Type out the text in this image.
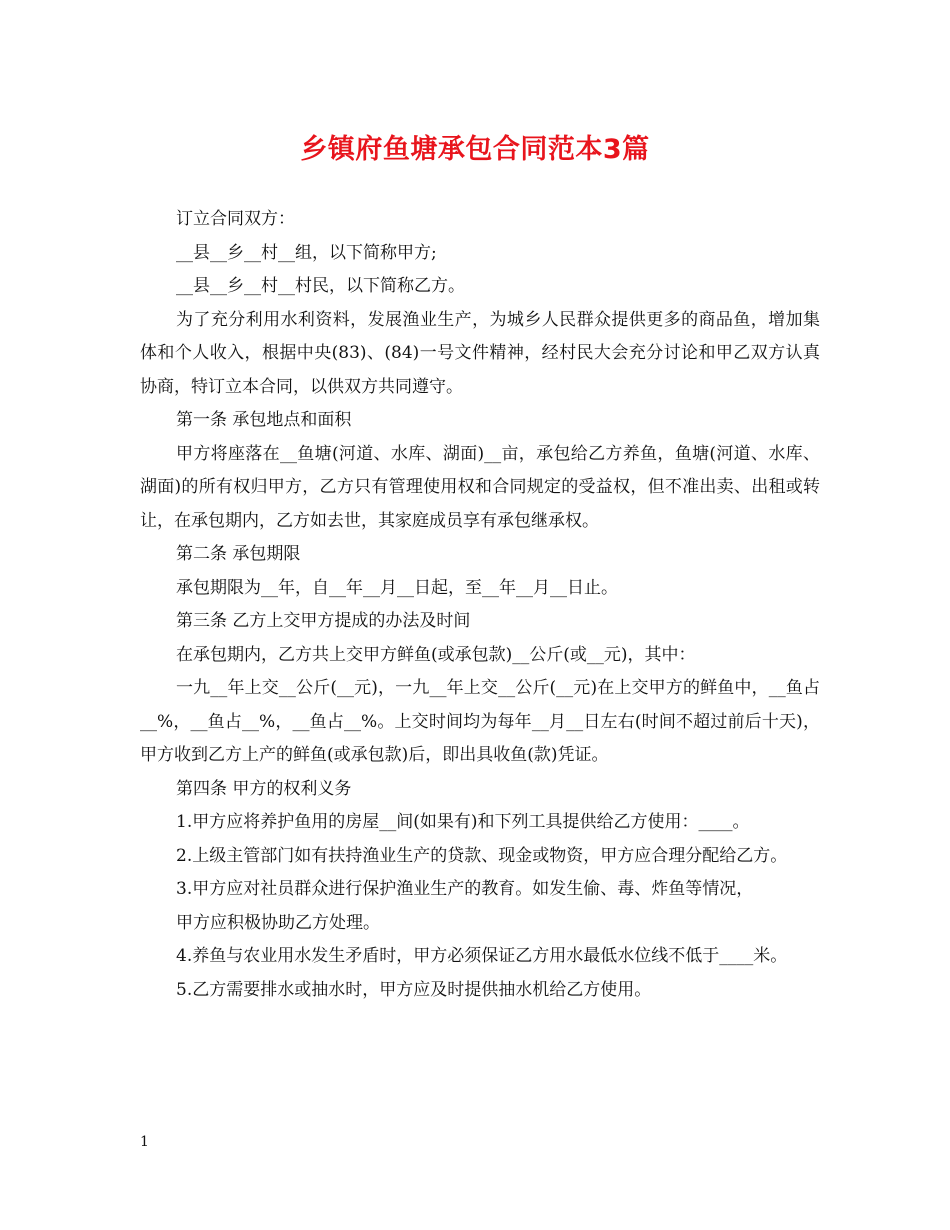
乡镇府鱼塘承包合同范本3篇

订立合同双方：

__县__乡__村__组，以下简称甲方;

__县__乡__村__村民，以下简称乙方。

为了充分利用水利资料，发展渔业生产，为城乡人民群众提供更多的商品鱼，增加集体和个人收入，根据中央(83)、(84)一号文件精神，经村民大会充分讨论和甲乙双方认真协商，特订立本合同，以供双方共同遵守。

第一条 承包地点和面积

甲方将座落在__鱼塘(河道、水库、湖面)__亩，承包给乙方养鱼，鱼塘(河道、水库、湖面)的所有权归甲方，乙方只有管理使用权和合同规定的受益权，但不准出卖、出租或转让，在承包期内，乙方如去世，其家庭成员享有承包继承权。

第二条 承包期限

承包期限为__年，自__年__月__日起，至__年__月__日止。

第三条 乙方上交甲方提成的办法及时间

在承包期内，乙方共上交甲方鲜鱼(或承包款)__公斤(或__元)，其中：

一九__年上交__公斤(__元)，一九__年上交__公斤(__元)在上交甲方的鲜鱼中，__鱼占__%，__鱼占__%，__鱼占__%。上交时间均为每年__月__日左右(时间不超过前后十天)，甲方收到乙方上产的鲜鱼(或承包款)后，即出具收鱼(款)凭证。

第四条 甲方的权利义务

1.甲方应将养护鱼用的房屋__间(如果有)和下列工具提供给乙方使用：____。

2.上级主管部门如有扶持渔业生产的贷款、现金或物资，甲方应合理分配给乙方。

3.甲方应对社员群众进行保护渔业生产的教育。如发生偷、毒、炸鱼等情况，

甲方应积极协助乙方处理。

4.养鱼与农业用水发生矛盾时，甲方必须保证乙方用水最低水位线不低于____米。

5.乙方需要排水或抽水时，甲方应及时提供抽水机给乙方使用。

1
